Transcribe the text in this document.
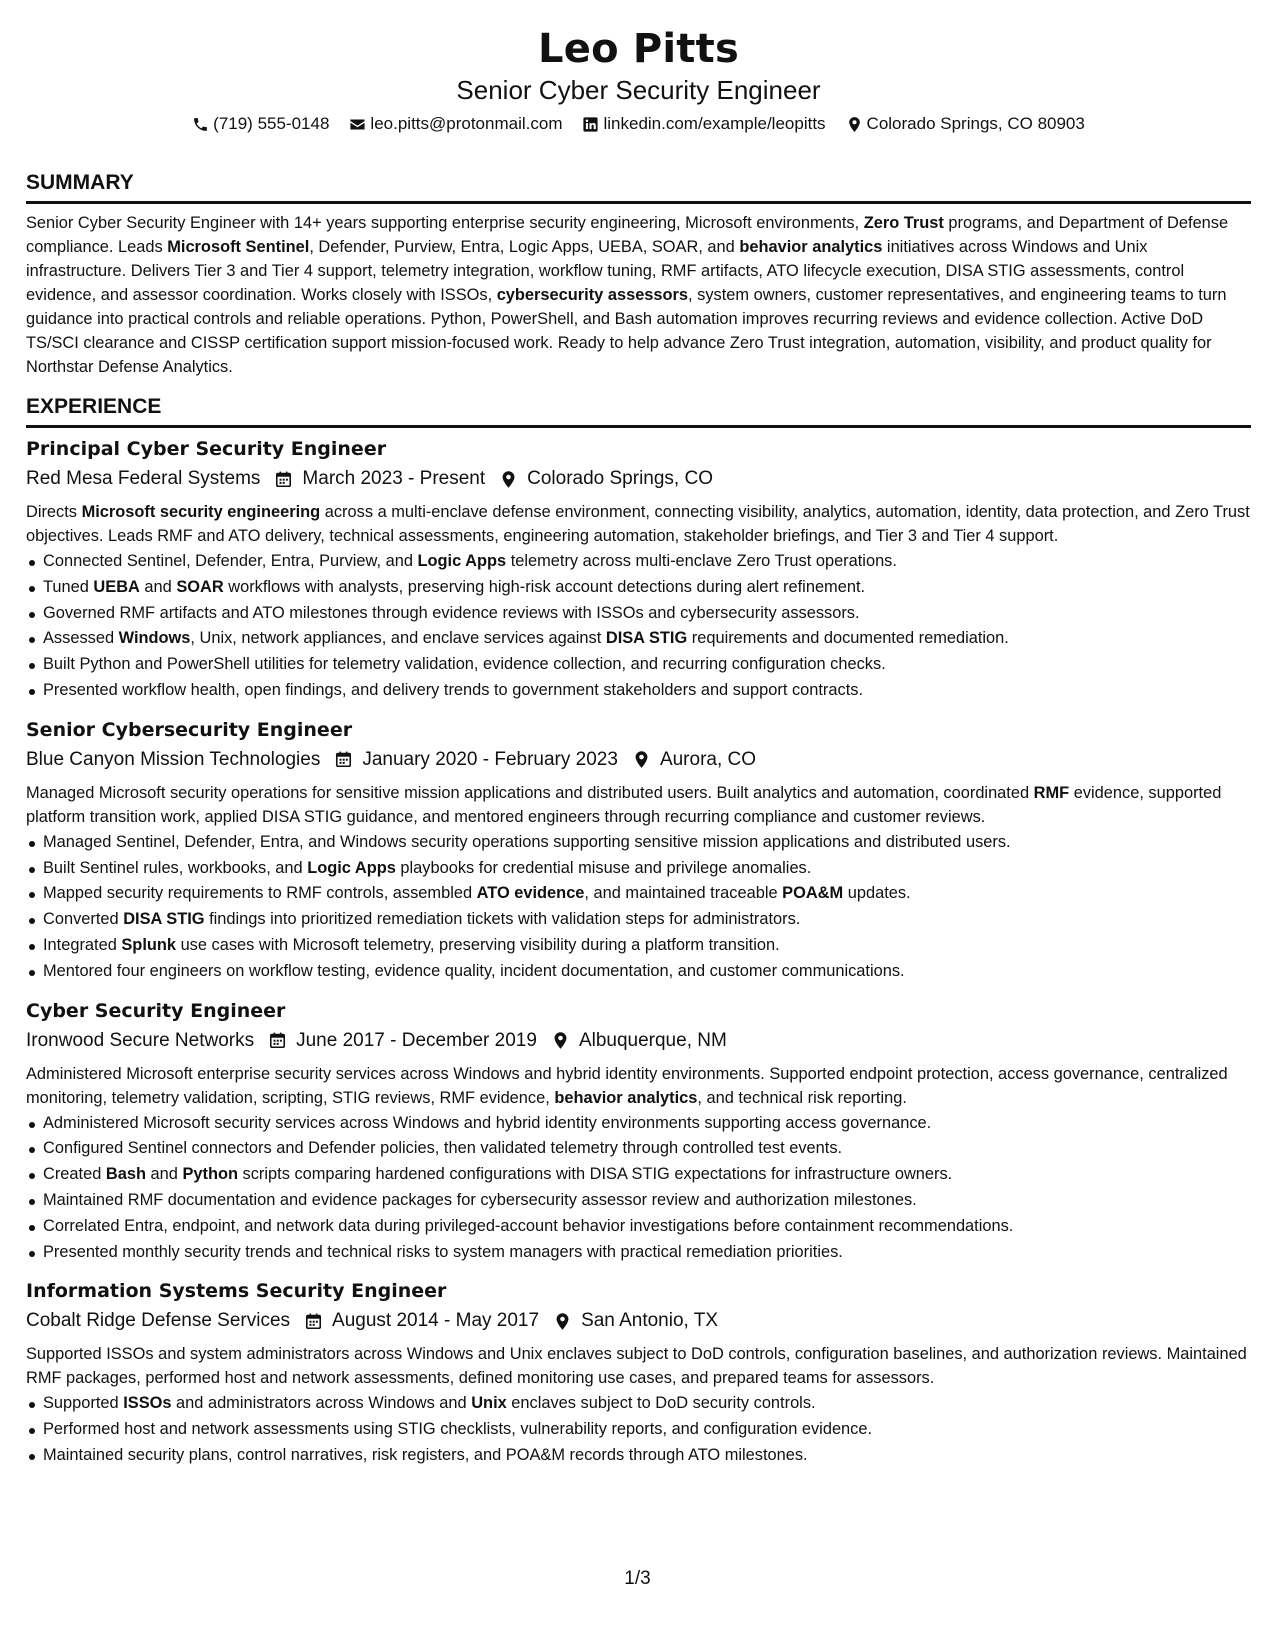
Leo Pitts
Senior Cyber Security Engineer
(719) 555-0148 leo.pitts@protonmail.com linkedin.com/example/leopitts Colorado Springs, CO 80903
SUMMARY

Senior Cyber Security Engineer with 14+ years supporting enterprise security engineering, Microsoft environments, Zero Trust programs, and Department of Defense compliance. Leads Microsoft Sentinel, Defender, Purview, Entra, Logic Apps, UEBA, SOAR, and behavior analytics initiatives across Windows and Unix infrastructure. Delivers Tier 3 and Tier 4 support, telemetry integration, workflow tuning, RMF artifacts, ATO lifecycle execution, DISA STIG assessments, control evidence, and assessor coordination. Works closely with ISSOs, cybersecurity assessors, system owners, customer representatives, and engineering teams to turn guidance into practical controls and reliable operations. Python, PowerShell, and Bash automation improves recurring reviews and evidence collection. Active DoD TS/SCI clearance and CISSP certification support mission-focused work. Ready to help advance Zero Trust integration, automation, visibility, and product quality for Northstar Defense Analytics.

EXPERIENCE
Principal Cyber Security Engineer
Red Mesa Federal Systems March 2023 - Present Colorado Springs, CO

Directs Microsoft security engineering across a multi-enclave defense environment, connecting visibility, analytics, automation, identity, data protection, and Zero Trust objectives. Leads RMF and ATO delivery, technical assessments, engineering automation, stakeholder briefings, and Tier 3 and Tier 4 support.

Connected Sentinel, Defender, Entra, Purview, and Logic Apps telemetry across multi-enclave Zero Trust operations.
Tuned UEBA and SOAR workflows with analysts, preserving high-risk account detections during alert refinement.
Governed RMF artifacts and ATO milestones through evidence reviews with ISSOs and cybersecurity assessors.
Assessed Windows, Unix, network appliances, and enclave services against DISA STIG requirements and documented remediation.
Built Python and PowerShell utilities for telemetry validation, evidence collection, and recurring configuration checks.
Presented workflow health, open findings, and delivery trends to government stakeholders and support contracts.
Senior Cybersecurity Engineer
Blue Canyon Mission Technologies January 2020 - February 2023 Aurora, CO

Managed Microsoft security operations for sensitive mission applications and distributed users. Built analytics and automation, coordinated RMF evidence, supported platform transition work, applied DISA STIG guidance, and mentored engineers through recurring compliance and customer reviews.

Managed Sentinel, Defender, Entra, and Windows security operations supporting sensitive mission applications and distributed users.
Built Sentinel rules, workbooks, and Logic Apps playbooks for credential misuse and privilege anomalies.
Mapped security requirements to RMF controls, assembled ATO evidence, and maintained traceable POA&M updates.
Converted DISA STIG findings into prioritized remediation tickets with validation steps for administrators.
Integrated Splunk use cases with Microsoft telemetry, preserving visibility during a platform transition.
Mentored four engineers on workflow testing, evidence quality, incident documentation, and customer communications.
Cyber Security Engineer
Ironwood Secure Networks June 2017 - December 2019 Albuquerque, NM

Administered Microsoft enterprise security services across Windows and hybrid identity environments. Supported endpoint protection, access governance, centralized monitoring, telemetry validation, scripting, STIG reviews, RMF evidence, behavior analytics, and technical risk reporting.

Administered Microsoft security services across Windows and hybrid identity environments supporting access governance.
Configured Sentinel connectors and Defender policies, then validated telemetry through controlled test events.
Created Bash and Python scripts comparing hardened configurations with DISA STIG expectations for infrastructure owners.
Maintained RMF documentation and evidence packages for cybersecurity assessor review and authorization milestones.
Correlated Entra, endpoint, and network data during privileged-account behavior investigations before containment recommendations.
Presented monthly security trends and technical risks to system managers with practical remediation priorities.
Information Systems Security Engineer
Cobalt Ridge Defense Services August 2014 - May 2017 San Antonio, TX

Supported ISSOs and system administrators across Windows and Unix enclaves subject to DoD controls, configuration baselines, and authorization reviews. Maintained RMF packages, performed host and network assessments, defined monitoring use cases, and prepared teams for assessors.

Supported ISSOs and administrators across Windows and Unix enclaves subject to DoD security controls.
Performed host and network assessments using STIG checklists, vulnerability reports, and configuration evidence.
Maintained security plans, control narratives, risk registers, and POA&M records through ATO milestones.
1/3
